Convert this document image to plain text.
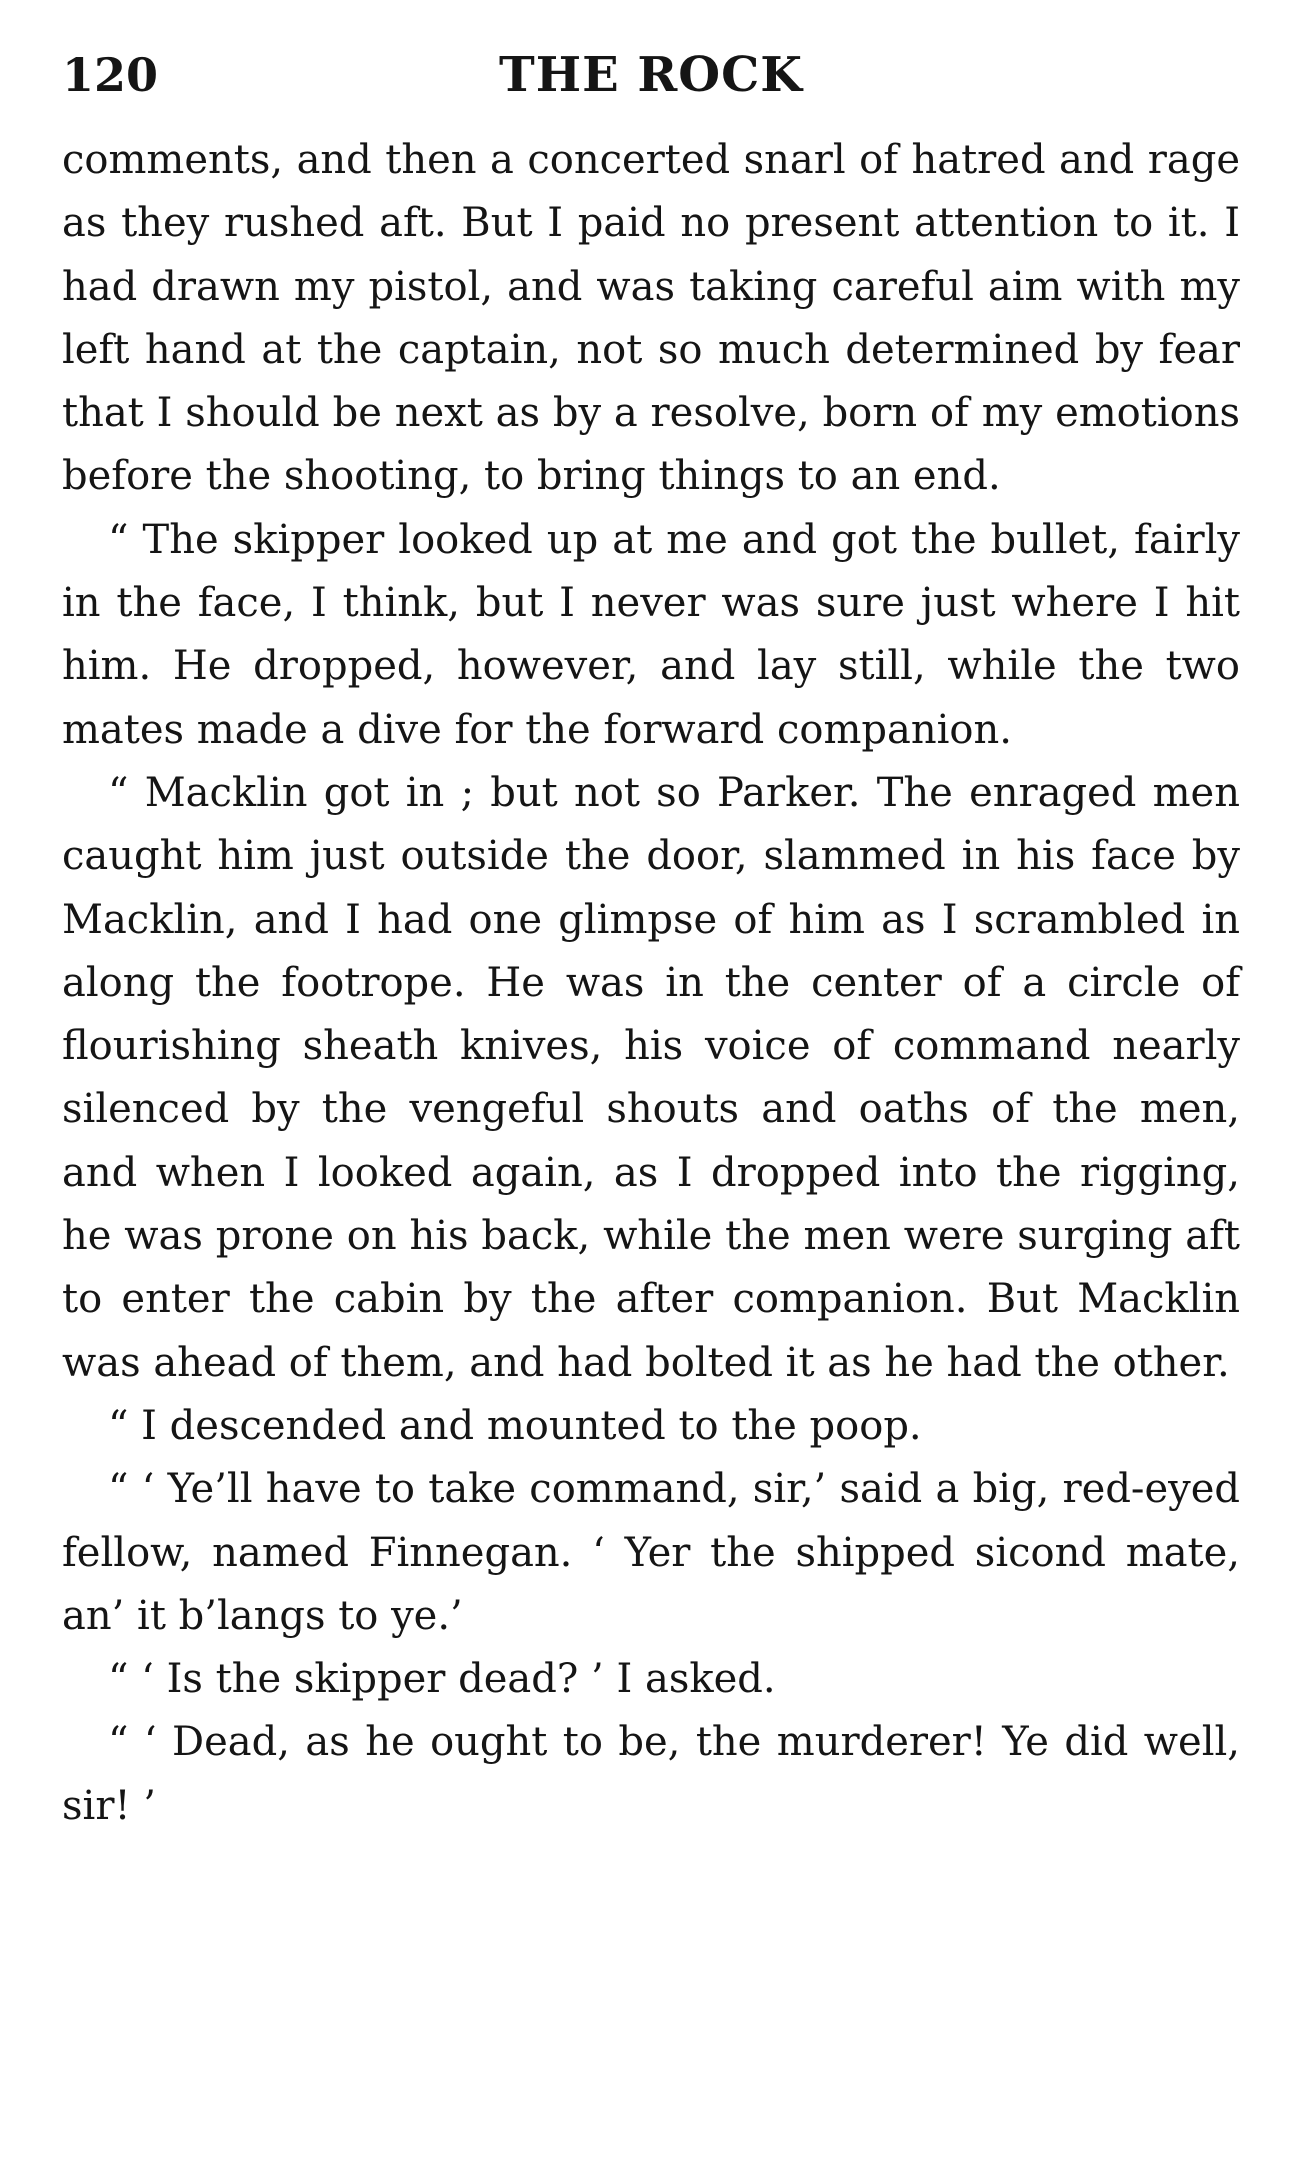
120	THE ROCK

comments, and then a concerted snarl of hatred and rage as they rushed aft. But I paid no present attention to it. I had drawn my pistol, and was taking careful aim with my left hand at the captain, not so much determined by fear that I should be next as by a resolve, born of my emotions before the shooting, to bring things to an end.

“ The skipper looked up at me and got the bullet, fairly in the face, I think, but I never was sure just where I hit him. He dropped, however, and lay still, while the two mates made a dive for the forward companion.

“ Macklin got in ; but not so Parker. The enraged men caught him just outside the door, slammed in his face by Macklin, and I had one glimpse of him as I scrambled in along the footrope. He was in the center of a circle of flourishing sheath knives, his voice of command nearly silenced by the vengeful shouts and oaths of the men, and when I looked again, as I dropped into the rigging, he was prone on his back, while the men were surging aft to enter the cabin by the after companion. But Macklin was ahead of them, and had bolted it as he had the other.

“ I descended and mounted to the poop.

“ ‘ Ye’ll have to take command, sir,’ said a big, red-eyed fellow, named Finnegan. ‘ Yer the shipped sicond mate, an’ it b’langs to ye.’

“ ‘ Is the skipper dead? ’ I asked.

“ ‘ Dead, as he ought to be, the murderer! Ye did well, sir! ’
